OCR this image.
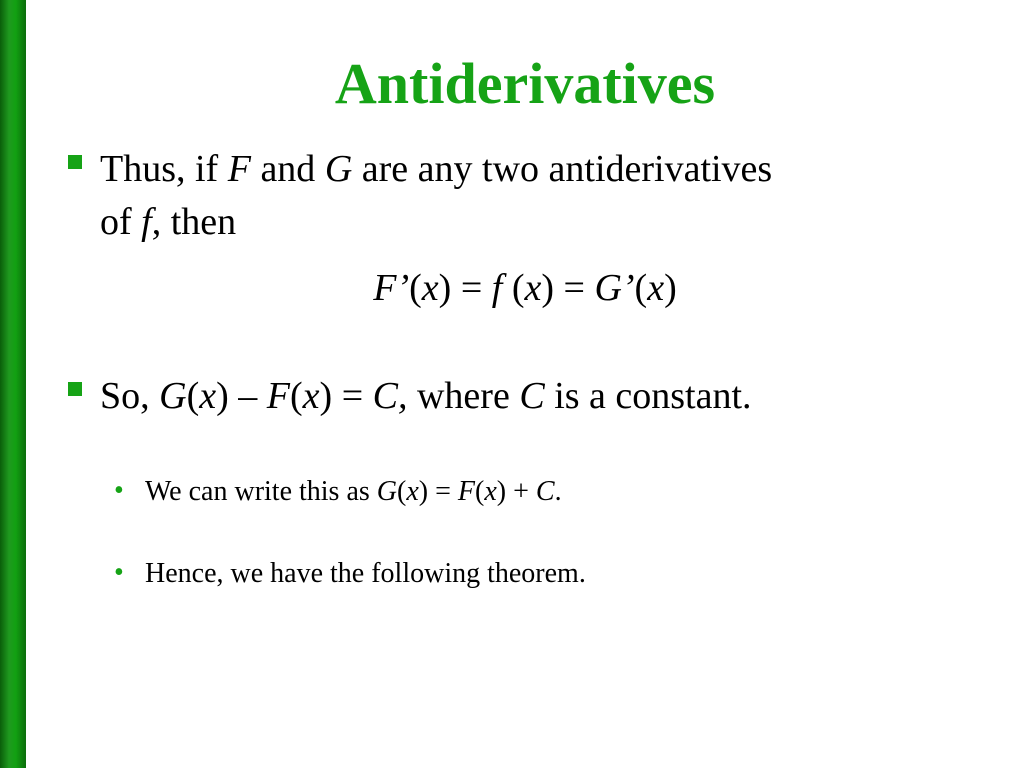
Antiderivatives
Thus, if F and G are any two antiderivatives
of f, then
F’(x) = f (x) = G’(x)
So, G(x) – F(x) = C, where C is a constant.
• We can write this as G(x) = F(x) + C.
• Hence, we have the following theorem.
